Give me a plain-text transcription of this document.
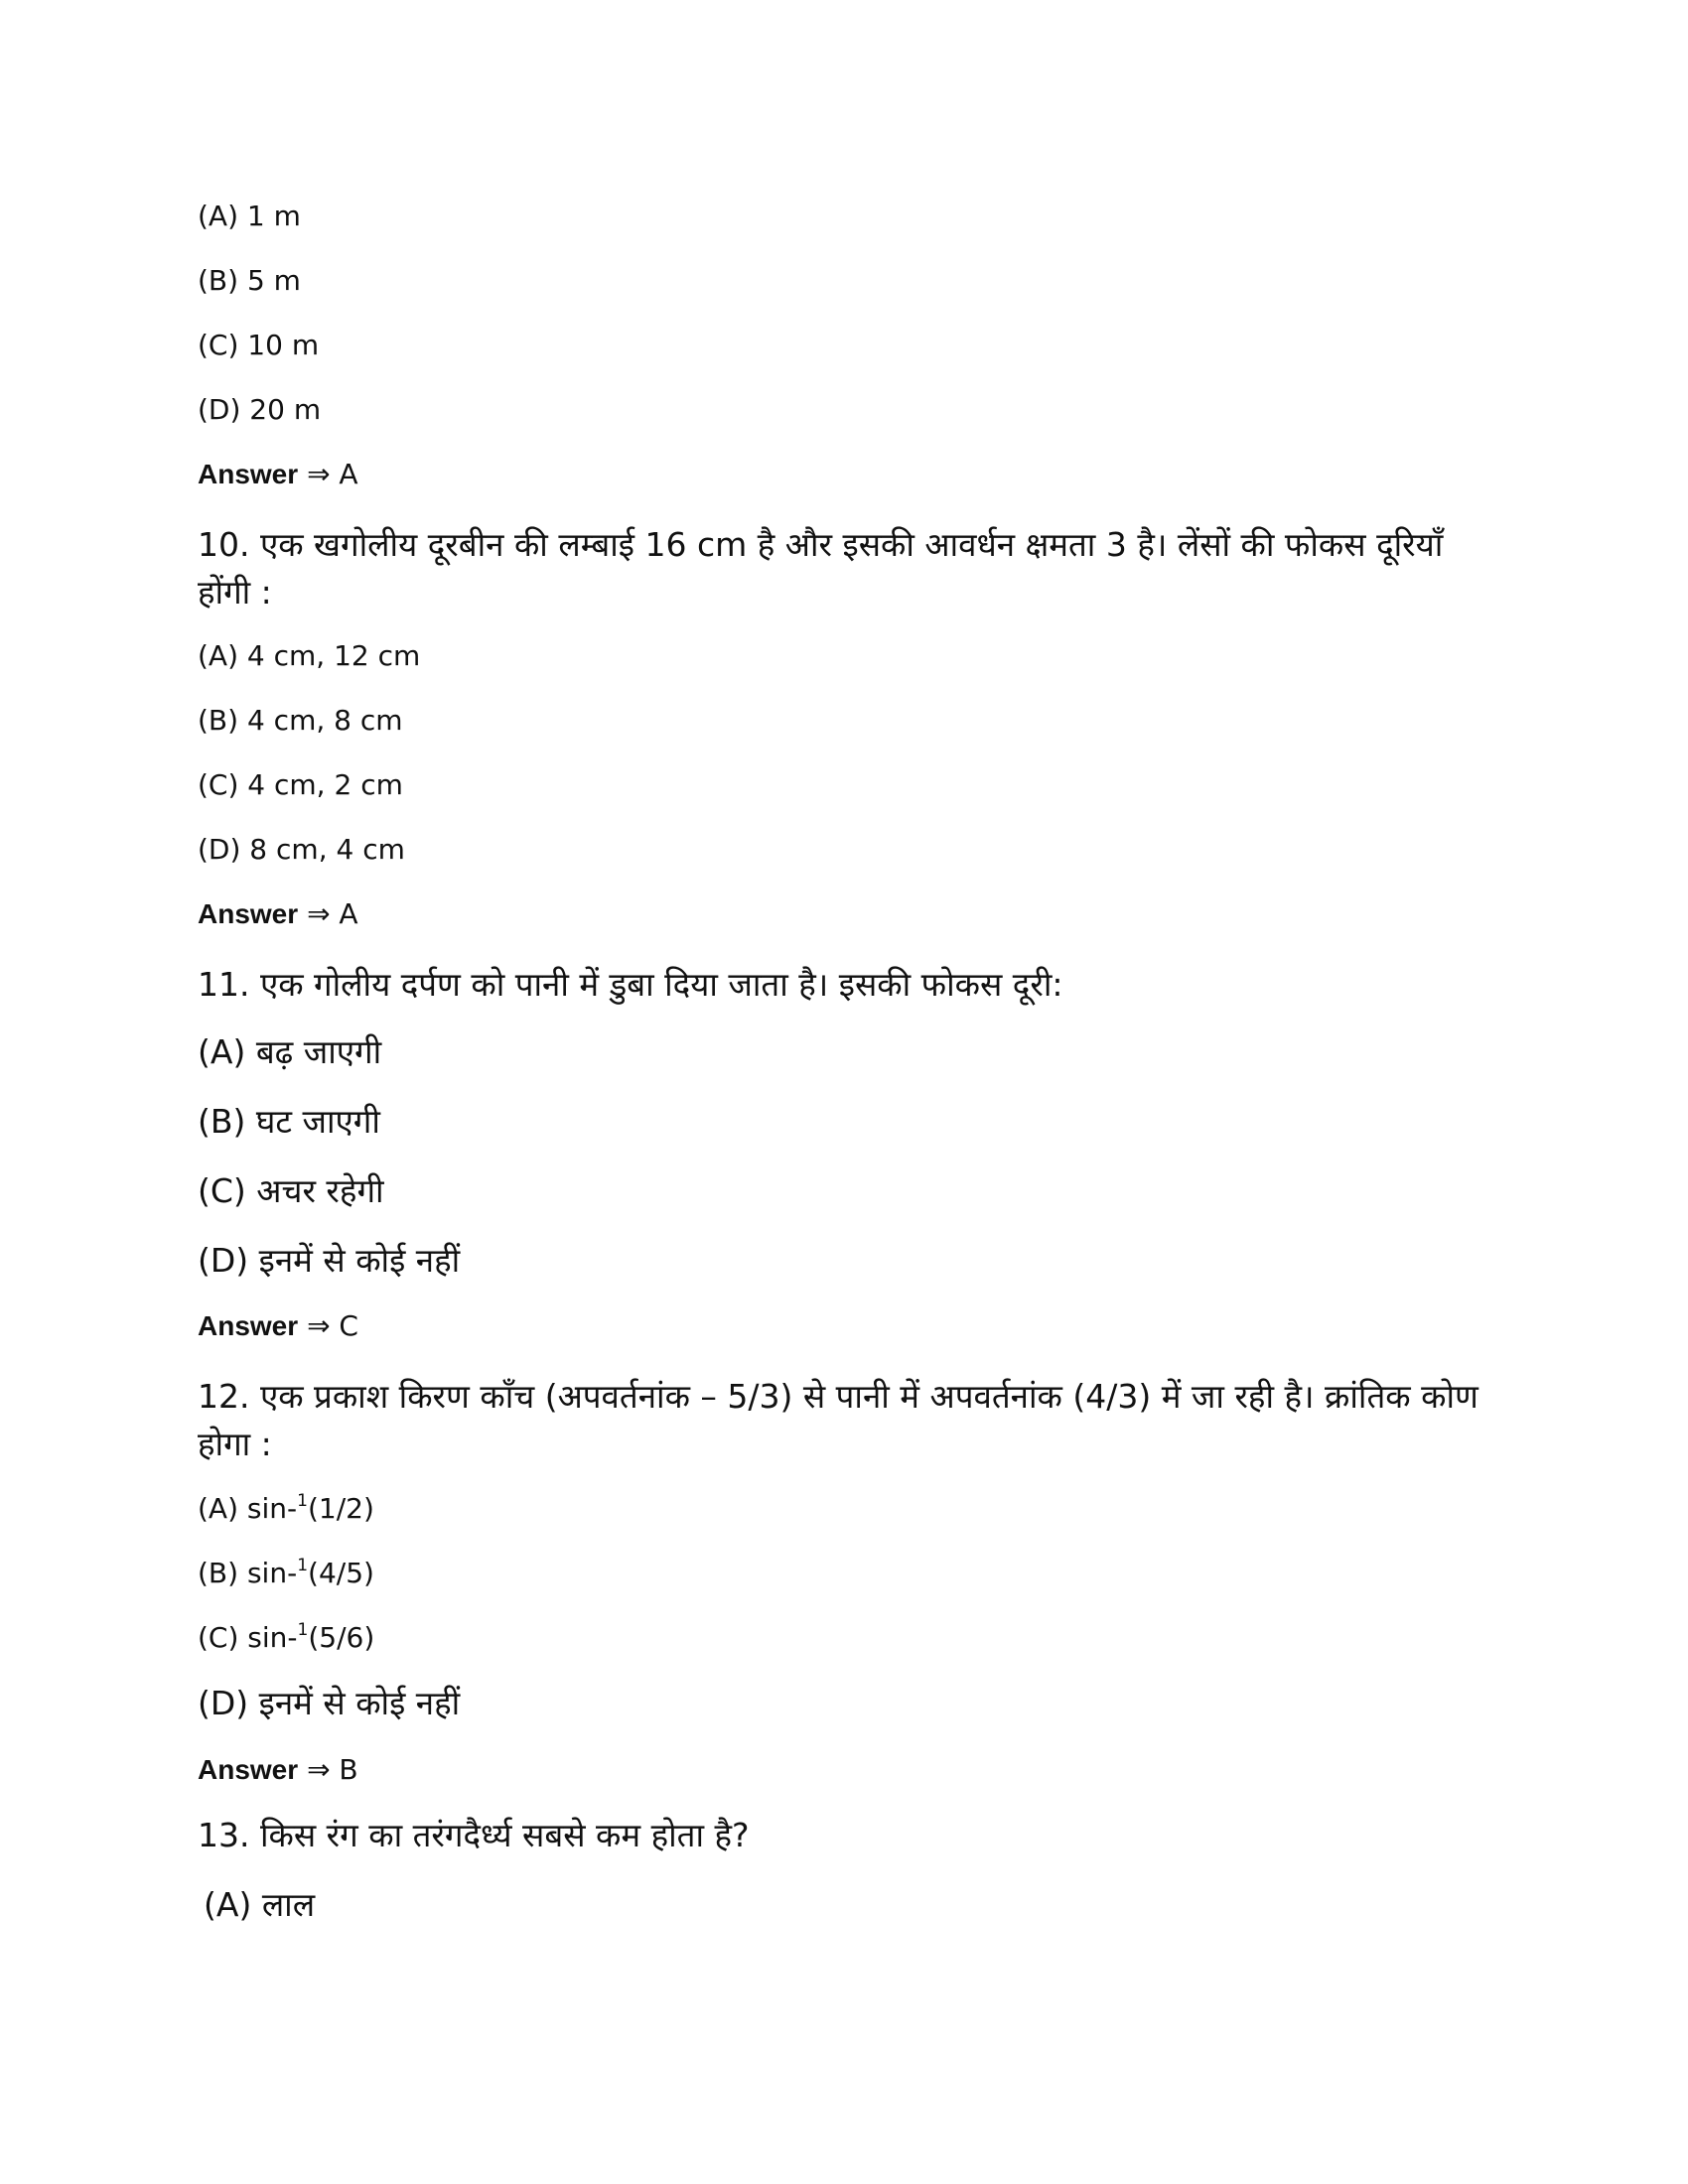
(A) 1 m
(B) 5 m
(C) 10 m
(D) 20 m
Answer ⇒ A
10. एक खगोलीय दूरबीन की लम्बाई 16 cm है और इसकी आवर्धन क्षमता 3 है। लेंसों की फोकस दूरियाँ होंगी :
(A) 4 cm, 12 cm
(B) 4 cm, 8 cm
(C) 4 cm, 2 cm
(D) 8 cm, 4 cm
Answer ⇒ A
11. एक गोलीय दर्पण को पानी में डुबा दिया जाता है। इसकी फोकस दूरी:
(A) बढ़ जाएगी
(B) घट जाएगी
(C) अचर रहेगी
(D) इनमें से कोई नहीं
Answer ⇒ C
12. एक प्रकाश किरण काँच (अपवर्तनांक – 5/3) से पानी में अपवर्तनांक (4/3) में जा रही है। क्रांतिक कोण होगा :
(A) sin-$^1$(1/2)
(B) sin-$^1$(4/5)
(C) sin-$^1$(5/6)
(D) इनमें से कोई नहीं
Answer ⇒ B
13. किस रंग का तरंगदैर्ध्य सबसे कम होता है?
(A) लाल
